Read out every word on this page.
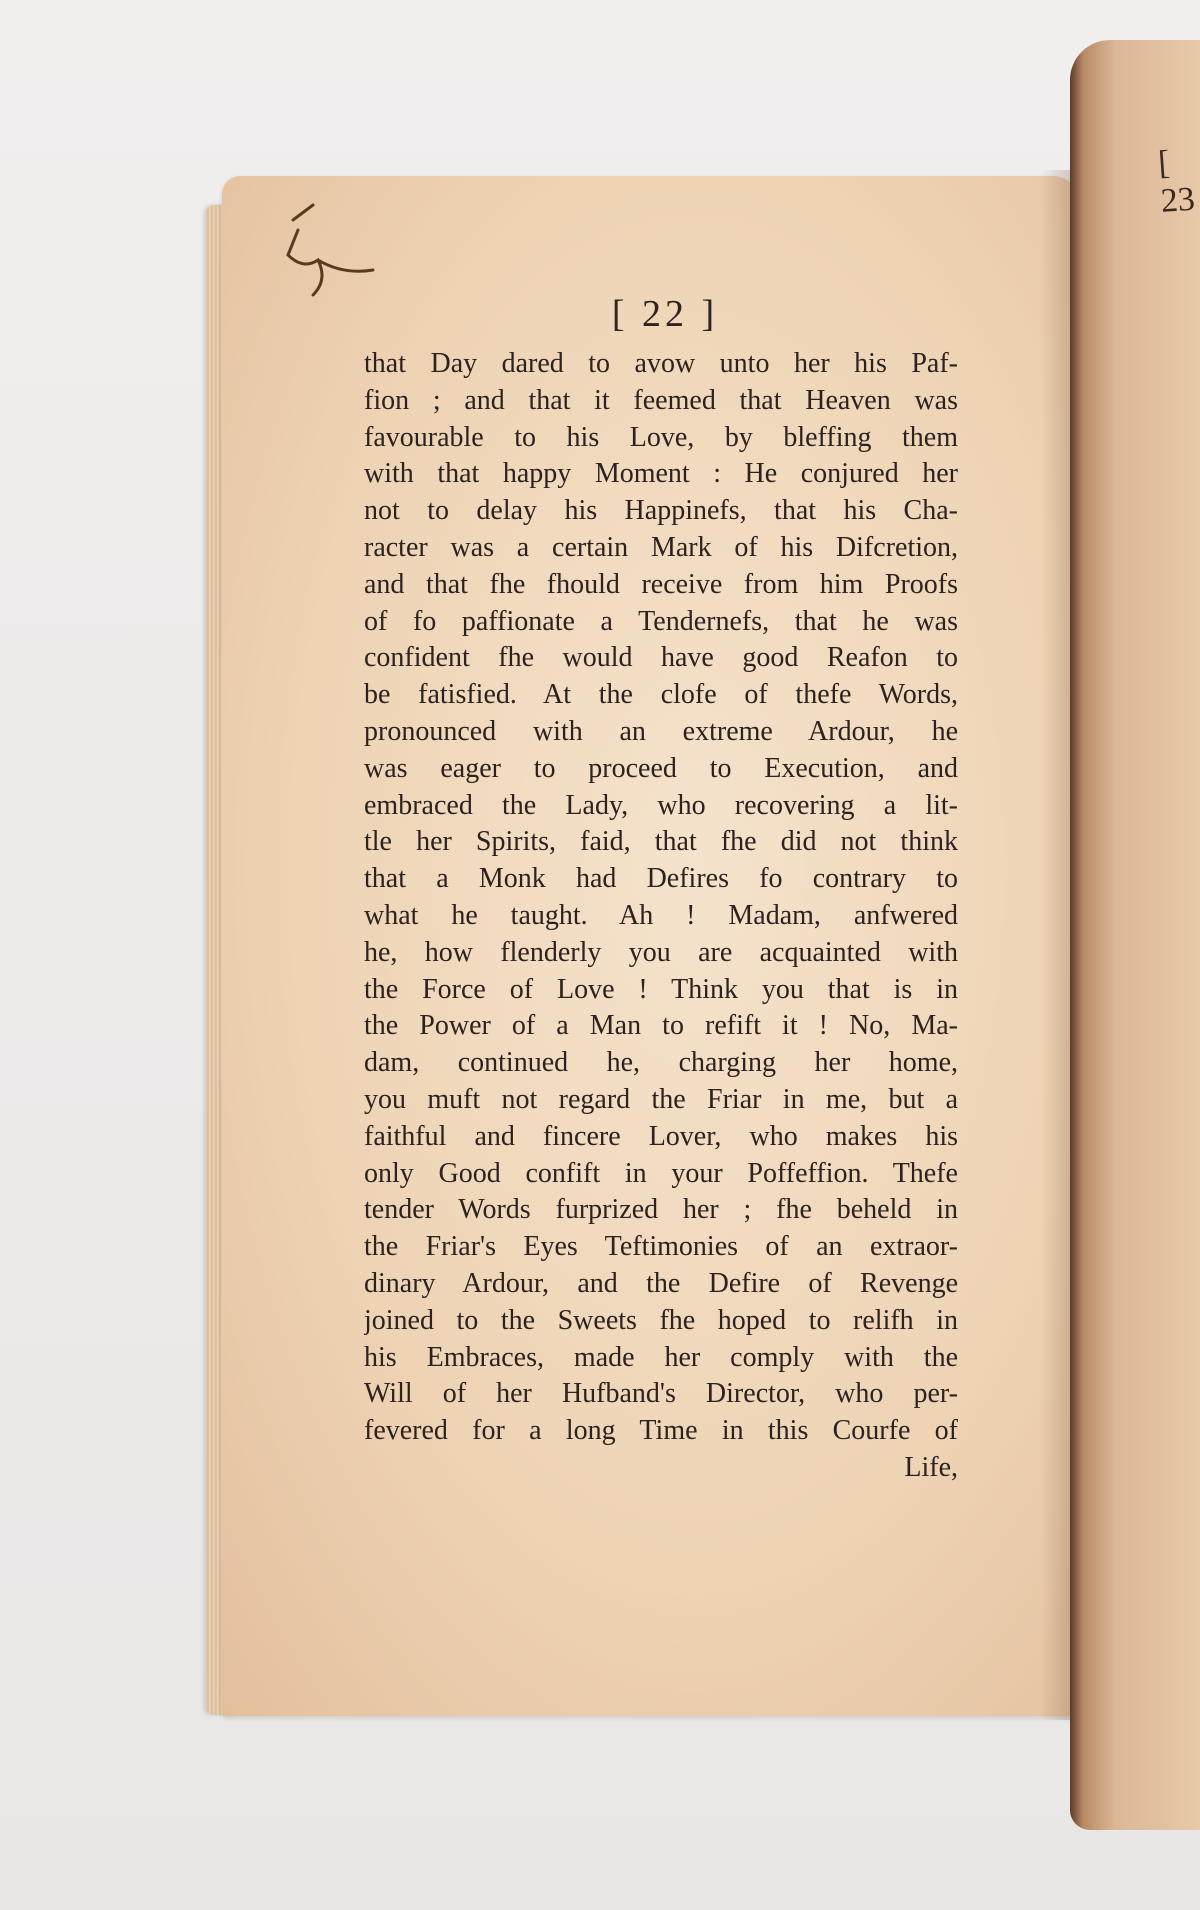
[ 22 ]
that Day dared to avow unto her his Paf-
fion ; and that it feemed that Heaven was
favourable to his Love, by bleffing them
with that happy Moment : He conjured her
not to delay his Happinefs, that his Cha-
racter was a certain Mark of his Difcretion,
and that fhe fhould receive from him Proofs
of fo paffionate a Tendernefs, that he was
confident fhe would have good Reafon to
be fatisfied. At the clofe of thefe Words,
pronounced with an extreme Ardour, he
was eager to proceed to Execution, and
embraced the Lady, who recovering a lit-
tle her Spirits, faid, that fhe did not think
that a Monk had Defires fo contrary to
what he taught. Ah ! Madam, anfwered
he, how flenderly you are acquainted with
the Force of Love ! Think you that is in
the Power of a Man to refift it ! No, Ma-
dam, continued he, charging her home,
you muft not regard the Friar in me, but a
faithful and fincere Lover, who makes his
only Good confift in your Poffeffion. Thefe
tender Words furprized her ; fhe beheld in
the Friar's Eyes Teftimonies of an extraor-
dinary Ardour, and the Defire of Revenge
joined to the Sweets fhe hoped to relifh in
his Embraces, made her comply with the
Will of her Hufband's Director, who per-
fevered for a long Time in this Courfe of
Life,
[ 23
